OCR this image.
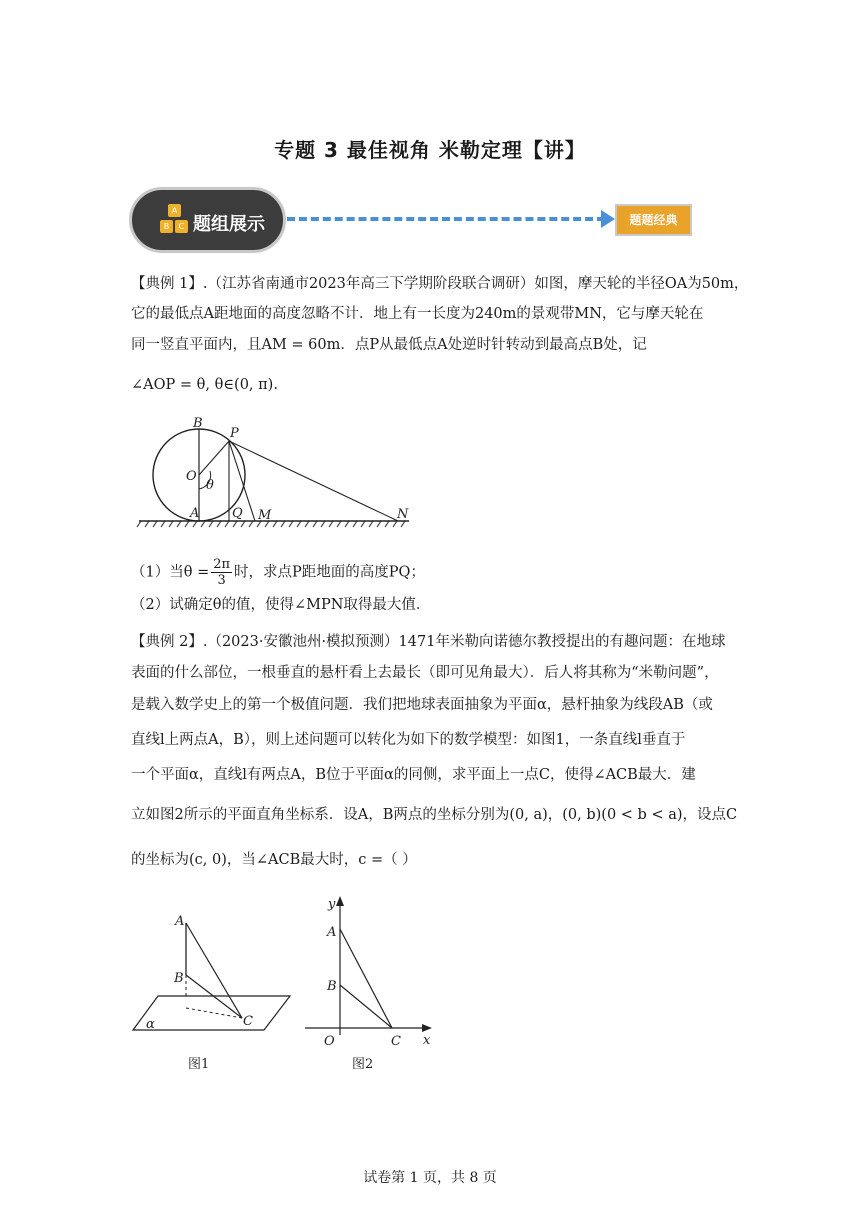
专题 3 最佳视角 米勒定理【讲】
A
B	C 题组展示	题题经典
【典例 1】.（江苏省南通市2023年高三下学期阶段联合调研）如图，摩天轮的半径OA为50m，
它的最低点A距地面的高度忽略不计．地上有一长度为240m的景观带MN，它与摩天轮在
同一竖直平面内，且AM = 60m．点P从最低点A处逆时针转动到最高点B处，记
∠AOP = θ, θ∈(0, π).
B
P
O
θ
A	Q M	N
（1）当$\theta = \frac{2\pi}{3}$ 时，求点P距地面的高度PQ；
（2）试确定θ的值，使得∠MPN取得最大值．
【典例 2】.（2023·安徽池州·模拟预测）1471年米勒向诺德尔教授提出的有趣问题：在地球
表面的什么部位，一根垂直的悬杆看上去最长（即可见角最大）．后人将其称为“米勒问题”，
是载入数学史上的第一个极值问题．我们把地球表面抽象为平面α，悬杆抽象为线段AB（或
直线l上两点A，B），则上述问题可以转化为如下的数学模型：如图1，一条直线l垂直于
一个平面α，直线l有两点A，B位于平面α的同侧，求平面上一点C，使得∠ACB最大．建
立如图2所示的平面直角坐标系．设A，B两点的坐标分别为(0, a)，(0, b)(0 < b < a)，设点C
的坐标为(c, 0)，当∠ACB最大时，c =（ ）
A
B
C
α
图1
y
A
B
O	C x
图2
试卷第 1 页，共 8 页
